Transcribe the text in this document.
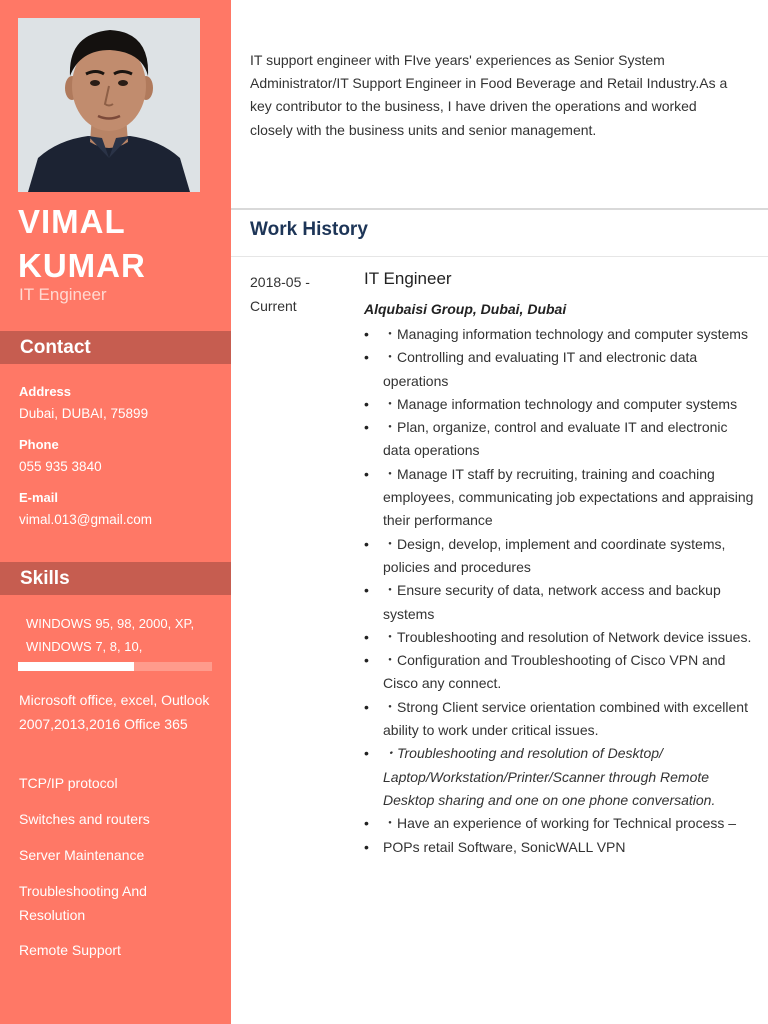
VIMAL
KUMAR
IT Engineer
Contact
Address
Dubai, DUBAI, 75899
Phone
055 935 3840
E-mail
vimal.013@gmail.com
Skills
WINDOWS 95, 98, 2000, XP,
WINDOWS 7, 8, 10,
Microsoft office, excel, Outlook 2007,2013,2016 Office 365
TCP/IP protocol
Switches and routers
Server Maintenance
Troubleshooting And Resolution
Remote Support
IT support engineer with FIve years' experiences as Senior System Administrator/IT Support Engineer in Food Beverage and Retail Industry.As a key contributor to the business, I have driven the operations and worked closely with the business units and senior management.
Work History
2018-05 -
Current
IT Engineer
Alqubaisi Group, Dubai, Dubai
• ・Managing information technology and computer systems
• ・Controlling and evaluating IT and electronic data operations
• ・Manage information technology and computer systems
• ・Plan, organize, control and evaluate IT and electronic data operations
• ・Manage IT staff by recruiting, training and coaching employees, communicating job expectations and appraising their performance
• ・Design, develop, implement and coordinate systems, policies and procedures
• ・Ensure security of data, network access and backup systems
• ・Troubleshooting and resolution of Network device issues.
• ・Configuration and Troubleshooting of Cisco VPN and Cisco any connect.
• ・Strong Client service orientation combined with excellent ability to work under critical issues.
• ・Troubleshooting and resolution of Desktop/ Laptop/Workstation/Printer/Scanner through Remote Desktop sharing and one on one phone conversation.
• ・Have an experience of working for Technical process –
• POPs retail Software, SonicWALL VPN
